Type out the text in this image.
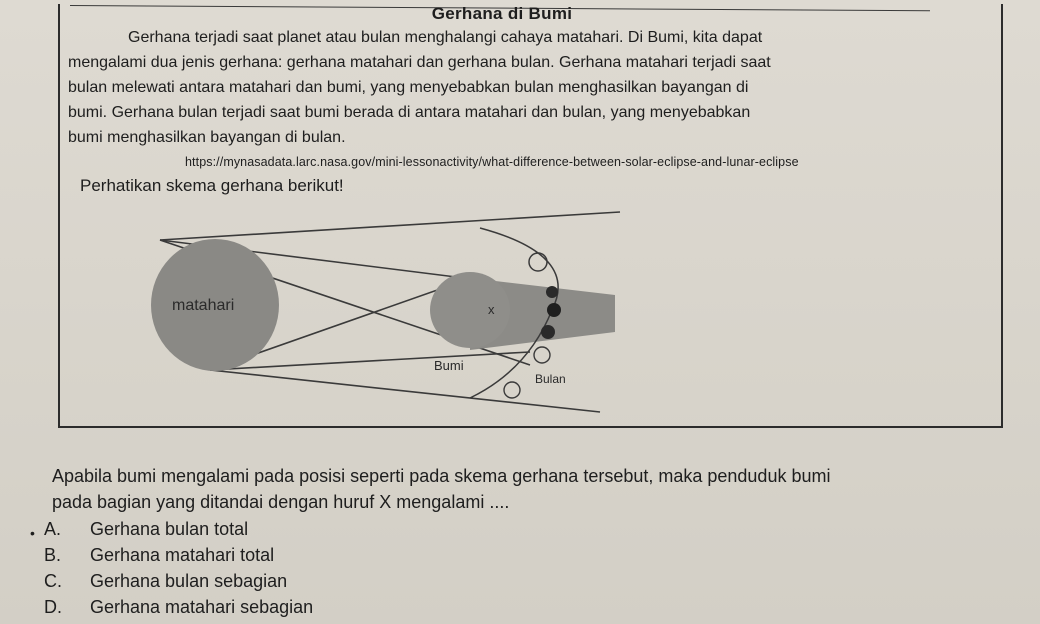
Gerhana di Bumi
Gerhana terjadi saat planet atau bulan menghalangi cahaya matahari. Di Bumi, kita dapat
mengalami dua jenis gerhana: gerhana matahari dan gerhana bulan. Gerhana matahari terjadi saat
bulan melewati antara matahari dan bumi, yang menyebabkan bulan menghasilkan bayangan di
bumi. Gerhana bulan terjadi saat bumi berada di antara matahari dan bulan, yang menyebabkan
bumi menghasilkan bayangan di bulan.
https://mynasadata.larc.nasa.gov/mini-lessonactivity/what-difference-between-solar-eclipse-and-lunar-eclipse
Perhatikan skema gerhana berikut!
matahari	x
Bumi
Bulan
Apabila bumi mengalami pada posisi seperti pada skema gerhana tersebut, maka penduduk bumi
pada bagian yang ditandai dengan huruf X mengalami ....
• A.	Gerhana bulan total
B.	Gerhana matahari total
C.	Gerhana bulan sebagian
D.	Gerhana matahari sebagian
